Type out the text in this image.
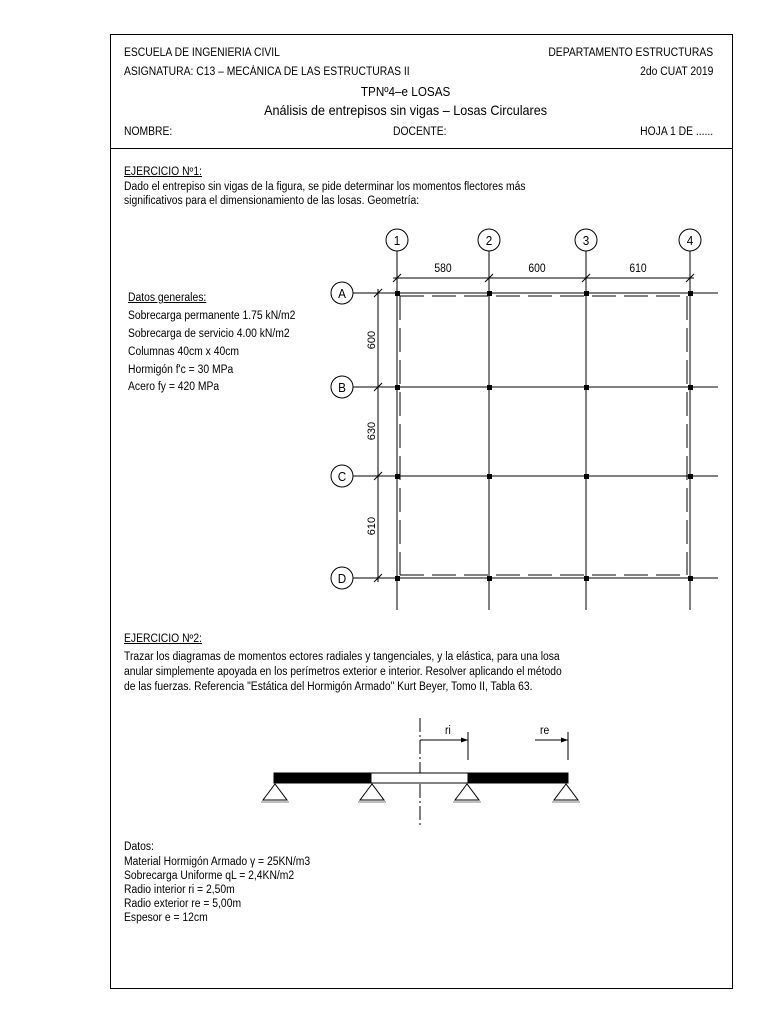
ESCUELA DE INGENIERIA CIVIL	DEPARTAMENTO ESTRUCTURAS
ASIGNATURA: C13 – MECÁNICA DE LAS ESTRUCTURAS II	2do CUAT 2019
TPNº4–e LOSAS
Análisis de entrepisos sin vigas – Losas Circulares
NOMBRE:	DOCENTE:	HOJA 1 DE ......
EJERCICIO Nº1:
Dado el entrepiso sin vigas de la figura, se pide determinar los momentos flectores más
significativos para el dimensionamiento de las losas. Geometría:
Datos generales:
Sobrecarga permanente 1.75 kN/m2
Sobrecarga de servicio 4.00 kN/m2
Columnas 40cm x 40cm
Hormigón f'c = 30 MPa
Acero fy = 420 MPa
1	2	3	4
A
B
C
D
580	600	610
600
630
610
EJERCICIO Nº2:
Trazar los diagramas de momentos ectores radiales y tangenciales, y la elástica, para una losa
anular simplemente apoyada en los perímetros exterior e interior. Resolver aplicando el método
de las fuerzas. Referencia "Estática del Hormigón Armado" Kurt Beyer, Tomo II, Tabla 63.
ri	re
Datos:
Material Hormigón Armado γ = 25KN/m3
Sobrecarga Uniforme qL = 2,4KN/m2
Radio interior ri = 2,50m
Radio exterior re = 5,00m
Espesor e = 12cm
